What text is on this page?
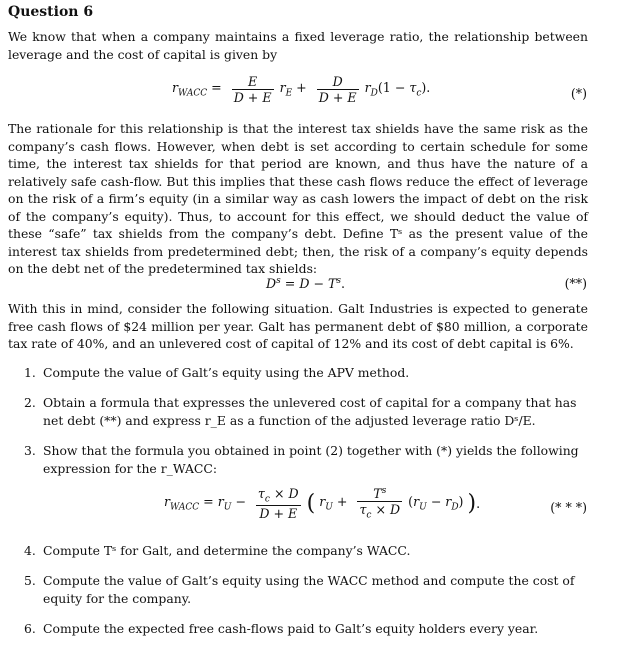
Question 6
We know that when a company maintains a fixed leverage ratio, the relationship between leverage and the cost of capital is given by
$r_{WACC} = \frac{E}{D + E} r_E + \frac{D}{D + E} r_D(1 - \tau_c)$.	(*)
The rationale for this relationship is that the interest tax shields have the same risk as the company’s cash flows. However, when debt is set according to certain schedule for some time, the interest tax shields for that period are known, and thus have the nature of a relatively safe cash-flow. But this implies that these cash flows reduce the effect of leverage on the risk of a firm’s equity (in a similar way as cash lowers the impact of debt on the risk of the company’s equity). Thus, to account for this effect, we should deduct the value of these “safe” tax shields from the company’s debt. Define Tˢ as the present value of the interest tax shields from predetermined debt; then, the risk of a company’s equity depends on the debt net of the predetermined tax shields:
$D^s = D - T^s$.	(**)
With this in mind, consider the following situation. Galt Industries is expected to generate free cash flows of $24 million per year. Galt has permanent debt of $80 million, a corporate tax rate of 40%, and an unlevered cost of capital of 12% and its cost of debt capital is 6%.
1. Compute the value of Galt’s equity using the APV method.
2. Obtain a formula that expresses the unlevered cost of capital for a company that has net debt (**) and express r_E as a function of the adjusted leverage ratio Dˢ/E.
3. Show that the formula you obtained in point (2) together with (*) yields the following expression for the r_WACC:
$r_{WACC} = r_U - \frac{\tau_c \times D}{D + E}$ ( $r_U + \frac{T^s}{\tau_c \times D} (r_U - r_D)$ ).	(* * *)
4. Compute Tˢ for Galt, and determine the company’s WACC.
5. Compute the value of Galt’s equity using the WACC method and compute the cost of equity for the company.
6. Compute the expected free cash-flows paid to Galt’s equity holders every year.
